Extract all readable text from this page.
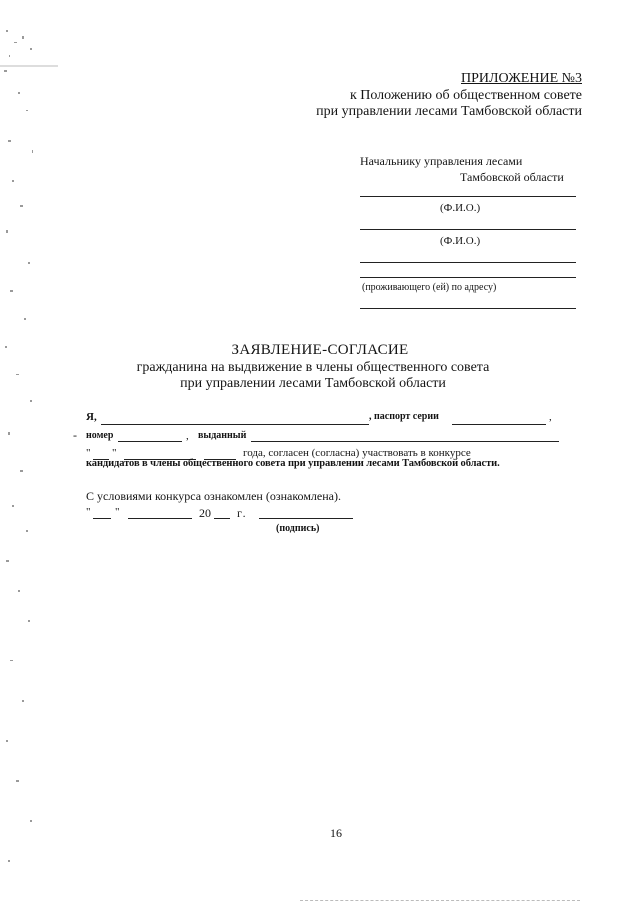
ПРИЛОЖЕНИЕ №3
к Положению об общественном совете
при управлении лесами Тамбовской области
Начальнику управления лесами
Тамбовской области
(Ф.И.О.)
(Ф.И.О.)
(проживающего (ей) по адресу)
ЗАЯВЛЕНИЕ-СОГЛАСИЕ
гражданина на выдвижение в члены общественного совета
при управлении лесами Тамбовской области
Я,	, паспорт серии	,
- номер	, выданный
" "	года, согласен (согласна) участвовать в конкурсе
кандидатов в члены общественного совета при управлении лесами Тамбовской области.
С условиями конкурса ознакомлен (ознакомлена).
" "	20 г.
(подпись)
16
